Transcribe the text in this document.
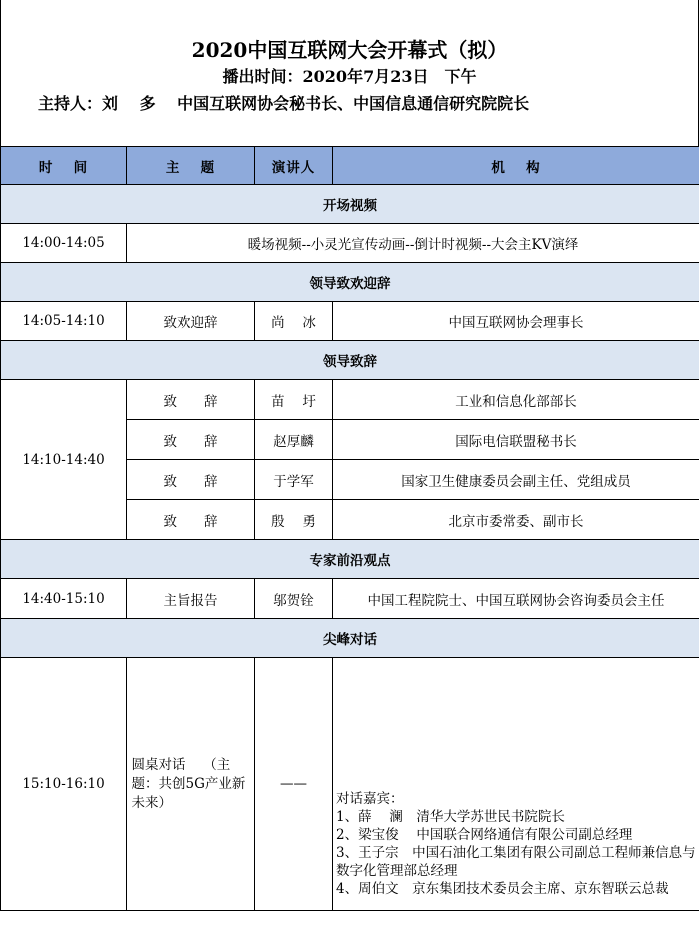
2020中国互联网大会开幕式（拟）
播出时间：2020年7月23日　下午
主持人：刘　 多　 中国互联网协会秘书长、中国信息通信研究院院长
时　 间	主　 题	演讲人	机　 构
开场视频			
14:00-14:05	暖场视频--小灵光宣传动画--倒计时视频--大会主KV演绎		
领导致欢迎辞			
14:05-14:10	致欢迎辞	尚　 冰	中国互联网协会理事长
领导致辞			
14:10-14:40	致　　辞	苗　 圩	工业和信息化部部长
	致　　辞	赵厚麟	国际电信联盟秘书长
	致　　辞	于学军	国家卫生健康委员会副主任、党组成员
	致　　辞	殷　 勇	北京市委常委、副市长
专家前沿观点			
14:40-15:10	主旨报告	邬贺铨	中国工程院院士、中国互联网协会咨询委员会主任
尖峰对话			
15:10-16:10	圆桌对话　 （主题：共创5G产业新未来）	——	对话嘉宾：
1、薛　 澜　清华大学苏世民书院院长
2、梁宝俊　 中国联合网络通信有限公司副总经理
3、王子宗　中国石油化工集团有限公司副总工程师兼信息与数字化管理部总经理
4、周伯文　京东集团技术委员会主席、京东智联云总裁
